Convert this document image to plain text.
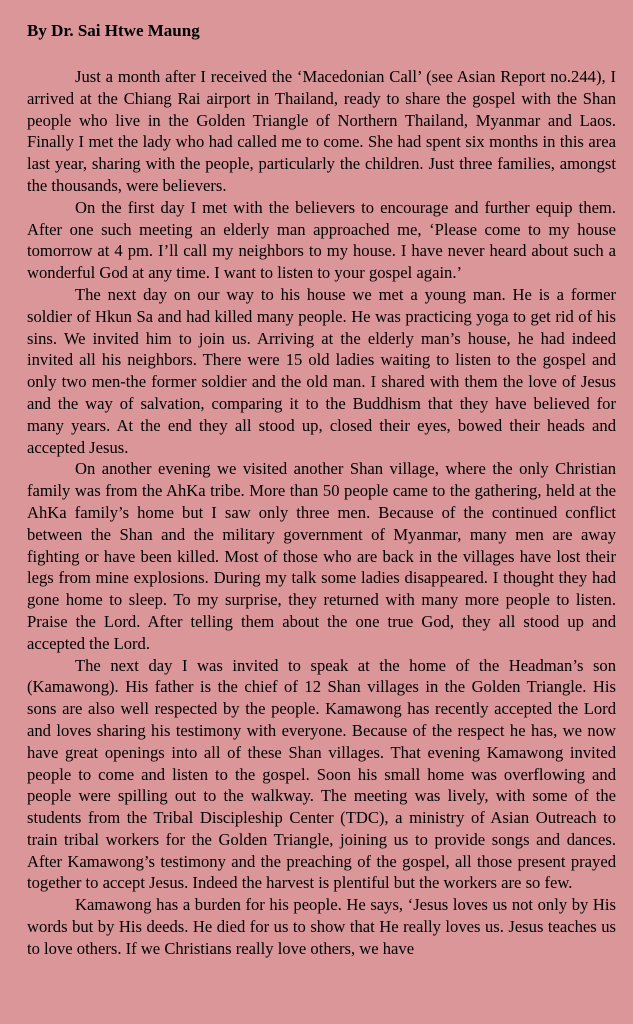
By Dr. Sai Htwe Maung

Just a month after I received the ‘Macedonian Call’ (see Asian Report no.244), I arrived at the Chiang Rai airport in Thailand, ready to share the gospel with the Shan people who live in the Golden Triangle of Northern Thailand, Myanmar and Laos. Finally I met the lady who had called me to come. She had spent six months in this area last year, sharing with the people, particularly the children. Just three families, amongst the thousands, were believers.

On the first day I met with the believers to encourage and further equip them. After one such meeting an elderly man approached me, ‘Please come to my house tomorrow at 4 pm. I’ll call my neighbors to my house. I have never heard about such a wonderful God at any time. I want to listen to your gospel again.’

The next day on our way to his house we met a young man. He is a former soldier of Hkun Sa and had killed many people. He was practicing yoga to get rid of his sins. We invited him to join us. Arriving at the elderly man’s house, he had indeed invited all his neighbors. There were 15 old ladies waiting to listen to the gospel and only two men-the former soldier and the old man. I shared with them the love of Jesus and the way of salvation, comparing it to the Buddhism that they have believed for many years. At the end they all stood up, closed their eyes, bowed their heads and accepted Jesus.

On another evening we visited another Shan village, where the only Christian family was from the AhKa tribe. More than 50 people came to the gathering, held at the AhKa family’s home but I saw only three men. Because of the continued conflict between the Shan and the military government of Myanmar, many men are away fighting or have been killed. Most of those who are back in the villages have lost their legs from mine explosions. During my talk some ladies disappeared. I thought they had gone home to sleep. To my surprise, they returned with many more people to listen. Praise the Lord. After telling them about the one true God, they all stood up and accepted the Lord.

The next day I was invited to speak at the home of the Headman’s son (Kamawong). His father is the chief of 12 Shan villages in the Golden Triangle. His sons are also well respected by the people. Kamawong has recently accepted the Lord and loves sharing his testimony with everyone. Because of the respect he has, we now have great openings into all of these Shan villages. That evening Kamawong invited people to come and listen to the gospel. Soon his small home was overflowing and people were spilling out to the walkway. The meeting was lively, with some of the students from the Tribal Discipleship Center (TDC), a ministry of Asian Outreach to train tribal workers for the Golden Triangle, joining us to provide songs and dances. After Kamawong’s testimony and the preaching of the gospel, all those present prayed together to accept Jesus. Indeed the harvest is plentiful but the workers are so few.

Kamawong has a burden for his people. He says, ‘Jesus loves us not only by His words but by His deeds. He died for us to show that He really loves us. Jesus teaches us to love others. If we Christians really love others, we have
